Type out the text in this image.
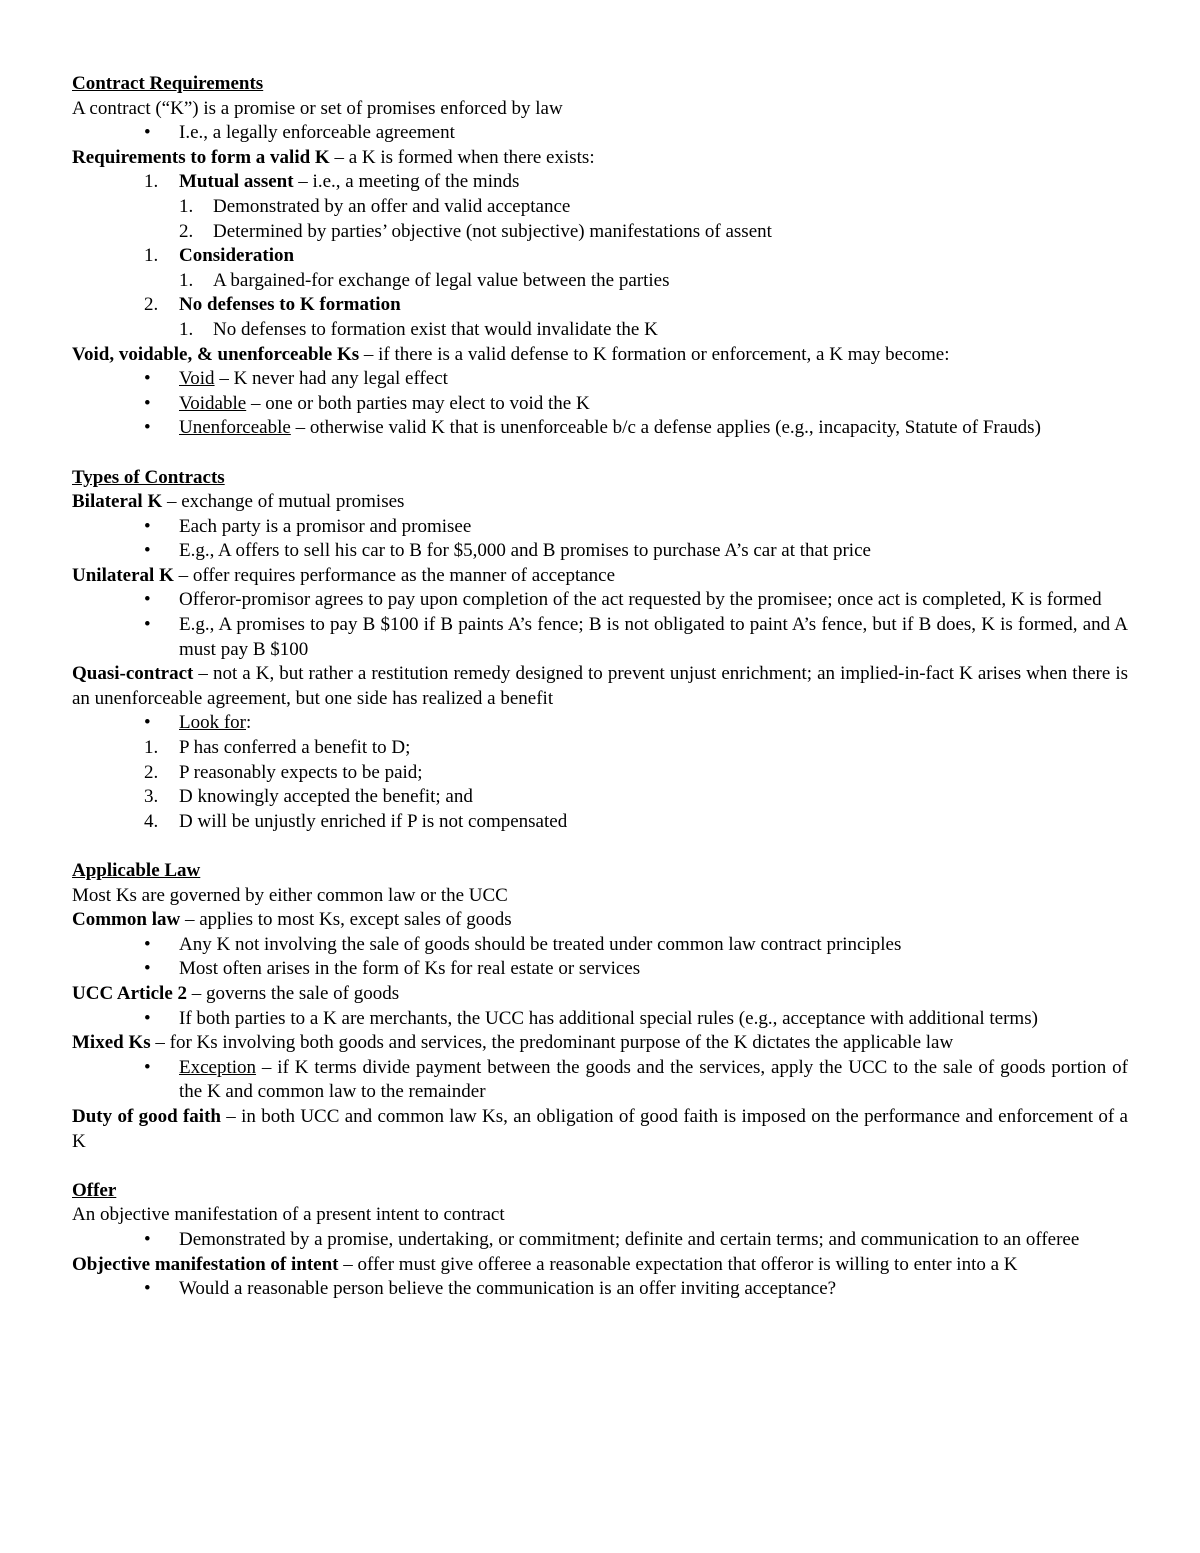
Contract Requirements
A contract (“K”) is a promise or set of promises enforced by law
• I.e., a legally enforceable agreement
Requirements to form a valid K – a K is formed when there exists:
1. Mutual assent – i.e., a meeting of the minds
1. Demonstrated by an offer and valid acceptance
2. Determined by parties’ objective (not subjective) manifestations of assent
1. Consideration
1. A bargained-for exchange of legal value between the parties
2. No defenses to K formation
1. No defenses to formation exist that would invalidate the K
Void, voidable, & unenforceable Ks – if there is a valid defense to K formation or enforcement, a K may become:
• Void – K never had any legal effect
• Voidable – one or both parties may elect to void the K
• Unenforceable – otherwise valid K that is unenforceable b/c a defense applies (e.g., incapacity, Statute of Frauds)
Types of Contracts
Bilateral K – exchange of mutual promises
• Each party is a promisor and promisee
• E.g., A offers to sell his car to B for $5,000 and B promises to purchase A’s car at that price
Unilateral K – offer requires performance as the manner of acceptance
• Offeror-promisor agrees to pay upon completion of the act requested by the promisee; once act is completed, K is formed
• E.g., A promises to pay B $100 if B paints A’s fence; B is not obligated to paint A’s fence, but if B does, K is formed, and A must pay B $100
Quasi-contract – not a K, but rather a restitution remedy designed to prevent unjust enrichment; an implied-in-fact K arises when there is an unenforceable agreement, but one side has realized a benefit
• Look for:
1. P has conferred a benefit to D;
2. P reasonably expects to be paid;
3. D knowingly accepted the benefit; and
4. D will be unjustly enriched if P is not compensated
Applicable Law
Most Ks are governed by either common law or the UCC
Common law – applies to most Ks, except sales of goods
• Any K not involving the sale of goods should be treated under common law contract principles
• Most often arises in the form of Ks for real estate or services
UCC Article 2 – governs the sale of goods
• If both parties to a K are merchants, the UCC has additional special rules (e.g., acceptance with additional terms)
Mixed Ks – for Ks involving both goods and services, the predominant purpose of the K dictates the applicable law
• Exception – if K terms divide payment between the goods and the services, apply the UCC to the sale of goods portion of the K and common law to the remainder
Duty of good faith – in both UCC and common law Ks, an obligation of good faith is imposed on the performance and enforcement of a K
Offer
An objective manifestation of a present intent to contract
• Demonstrated by a promise, undertaking, or commitment; definite and certain terms; and communication to an offeree
Objective manifestation of intent – offer must give offeree a reasonable expectation that offeror is willing to enter into a K
• Would a reasonable person believe the communication is an offer inviting acceptance?
